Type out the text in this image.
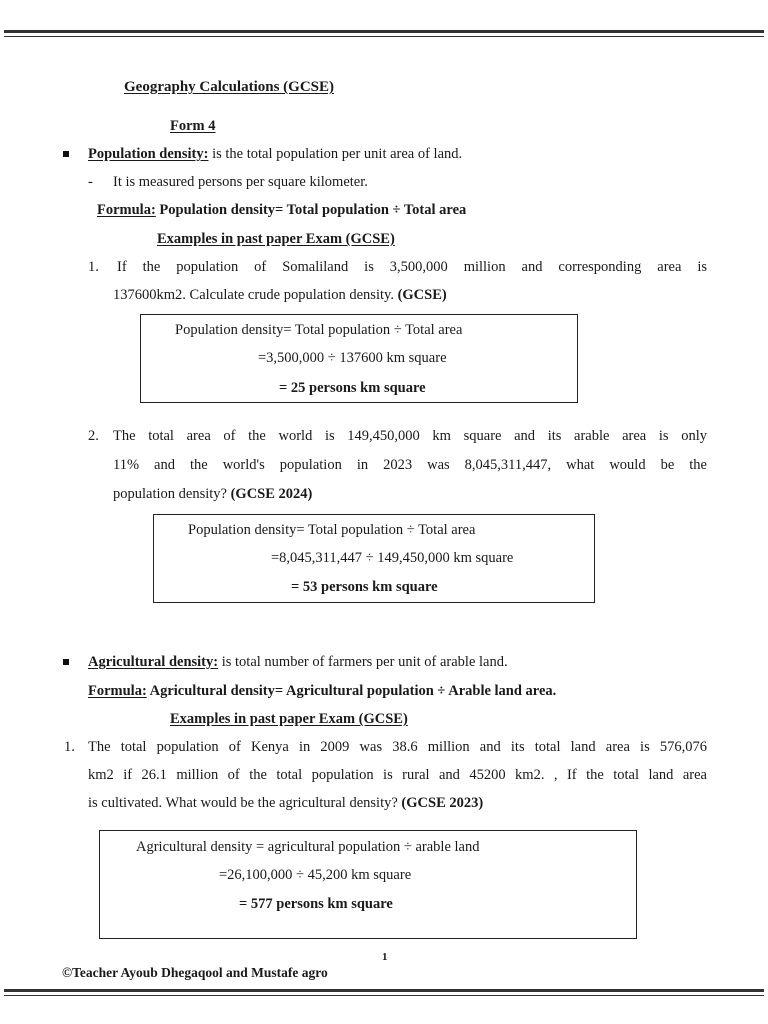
Geography Calculations (GCSE)
Form 4
Population density: is the total population per unit area of land.
- It is measured persons per square kilometer.
Formula: Population density= Total population ÷ Total area
Examples in past paper Exam (GCSE)
1. If the population of Somaliland is 3,500,000 million and corresponding area is
137600km2. Calculate crude population density. (GCSE)
Population density= Total population ÷ Total area
=3,500,000 ÷ 137600 km square
= 25 persons km square
2. The total area of the world is 149,450,000 km square and its arable area is only
11% and the world's population in 2023 was 8,045,311,447, what would be the
population density? (GCSE 2024)
Population density= Total population ÷ Total area
=8,045,311,447 ÷ 149,450,000 km square
= 53 persons km square
Agricultural density: is total number of farmers per unit of arable land.
Formula: Agricultural density= Agricultural population ÷ Arable land area.
Examples in past paper Exam (GCSE)
1. The total population of Kenya in 2009 was 38.6 million and its total land area is 576,076
km2 if 26.1 million of the total population is rural and 45200 km2. , If the total land area
is cultivated. What would be the agricultural density? (GCSE 2023)
Agricultural density = agricultural population ÷ arable land
=26,100,000 ÷ 45,200 km square
= 577 persons km square
1
©Teacher Ayoub Dhegaqool and Mustafe agro
